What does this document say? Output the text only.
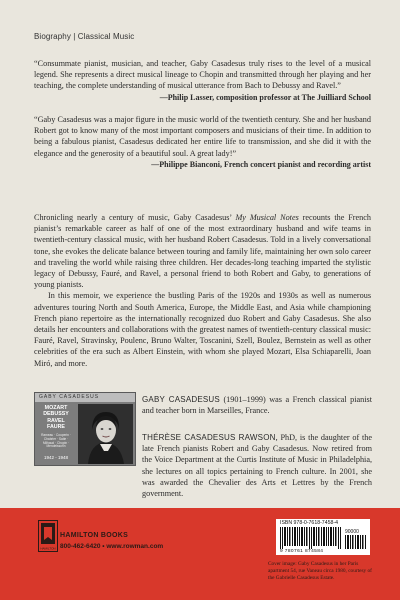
Biography | Classical Music

“Consummate pianist, musician, and teacher, Gaby Casadesus truly rises to the level of a musical legend. She represents a direct musical lineage to Chopin and transmitted through her playing and her teaching, the complete understanding of musical utterance from Bach to Debussy and Ravel.”
—Philip Lasser, composition professor at The Juilliard School

“Gaby Casadesus was a major figure in the music world of the twentieth century. She and her husband Robert got to know many of the most important composers and musicians of their time. In addition to being a fabulous pianist, Casadesus dedicated her entire life to transmission, and she did it with the elegance and the generosity of a beautiful soul. A great lady!”
—Philippe Bianconi, French concert pianist and recording artist

Chronicling nearly a century of music, Gaby Casadesus’ My Musical Notes recounts the French pianist’s remarkable career as half of one of the most extraordinary husband and wife teams in twentieth-century classical music, with her husband Robert Casadesus. Told in a lively conversational tone, she evokes the delicate balance between touring and family life, maintaining her own solo career and traveling the world while raising three children. Her decades-long teaching imparted the stylistic legacy of Debussy, Fauré, and Ravel, a personal friend to both Robert and Gaby, to generations of young pianists.

In this memoir, we experience the bustling Paris of the 1920s and 1930s as well as numerous adventures touring North and South America, Europe, the Middle East, and Asia while championing French piano repertoire as the internationally recognized duo Robert and Gaby Casadesus. She also details her encounters and collaborations with the greatest names of twentieth-century classical music: Fauré, Ravel, Stravinsky, Poulenc, Bruno Walter, Toscanini, Szell, Boulez, Bernstein as well as other celebrities of the era such as Albert Einstein, with whom she played Mozart, Elsa Schiaparelli, Joan Miró, and more.

GABY CASADESUS
MOZART
DEBUSSY
RAVEL
FAURE
Rameau · Couperin · Chabrier · Satie · Milhaud · Chopin · Mendelssohn
1942 - 1948

GABY CASADESUS (1901–1999) was a French classical pianist and teacher born in Marseilles, France.

THÉRÈSE CASADESUS RAWSON, PhD, is the daughter of the late French pianists Robert and Gaby Casadesus. Now retired from the Voice Department at the Curtis Institute of Music in Philadelphia, she lectures on all topics pertaining to French culture. In 2001, she was awarded the Chevalier des Arts et Lettres by the French government.

HAMILTON
HAMILTON BOOKS
800-462-6420 • www.rowman.com
ISBN 978-0-7618-7458-4
90000
9 780761 874584
Cover image: Gaby Casadesus in her Paris apartment 54, rue Vaneau circa 1980, courtesy of the Gabrielle Casadesus Estate.
